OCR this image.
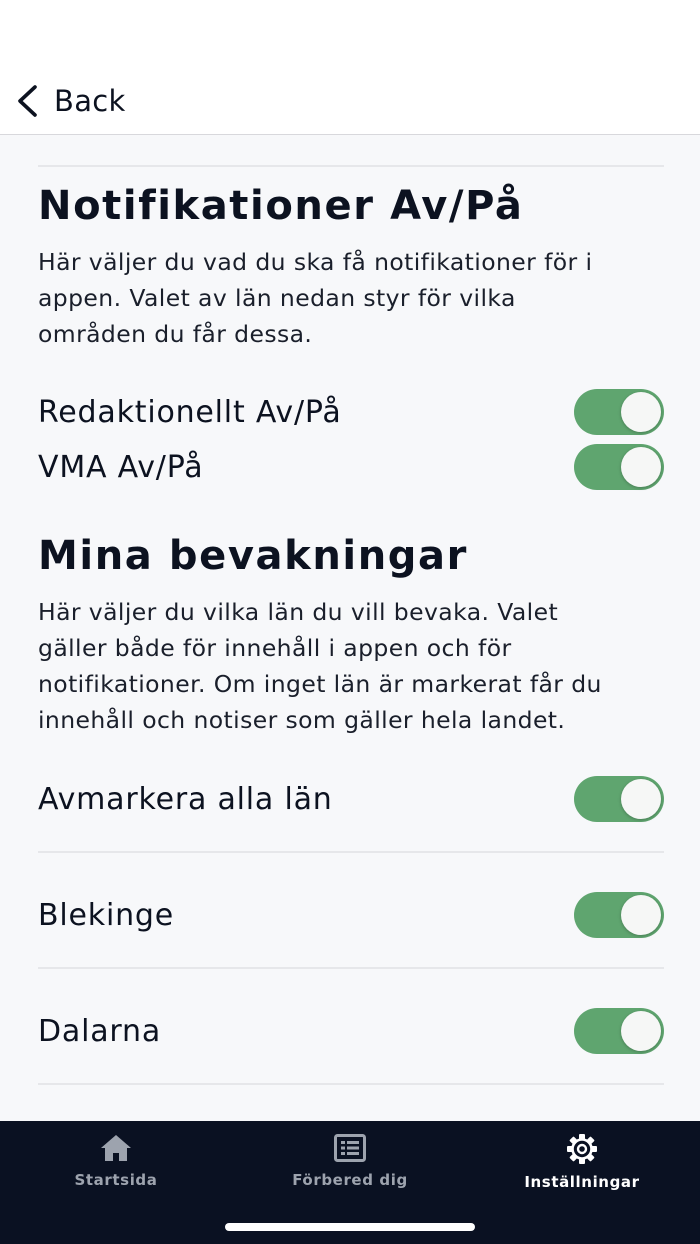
Back
Notifikationer Av/På
Här väljer du vad du ska få notifikationer för i
appen. Valet av län nedan styr för vilka
områden du får dessa.
Redaktionellt Av/På
VMA Av/På
Mina bevakningar
Här väljer du vilka län du vill bevaka. Valet
gäller både för innehåll i appen och för
notifikationer. Om inget län är markerat får du
innehåll och notiser som gäller hela landet.
Avmarkera alla län
Blekinge
Dalarna
Startsida	Förbered dig	Inställningar
